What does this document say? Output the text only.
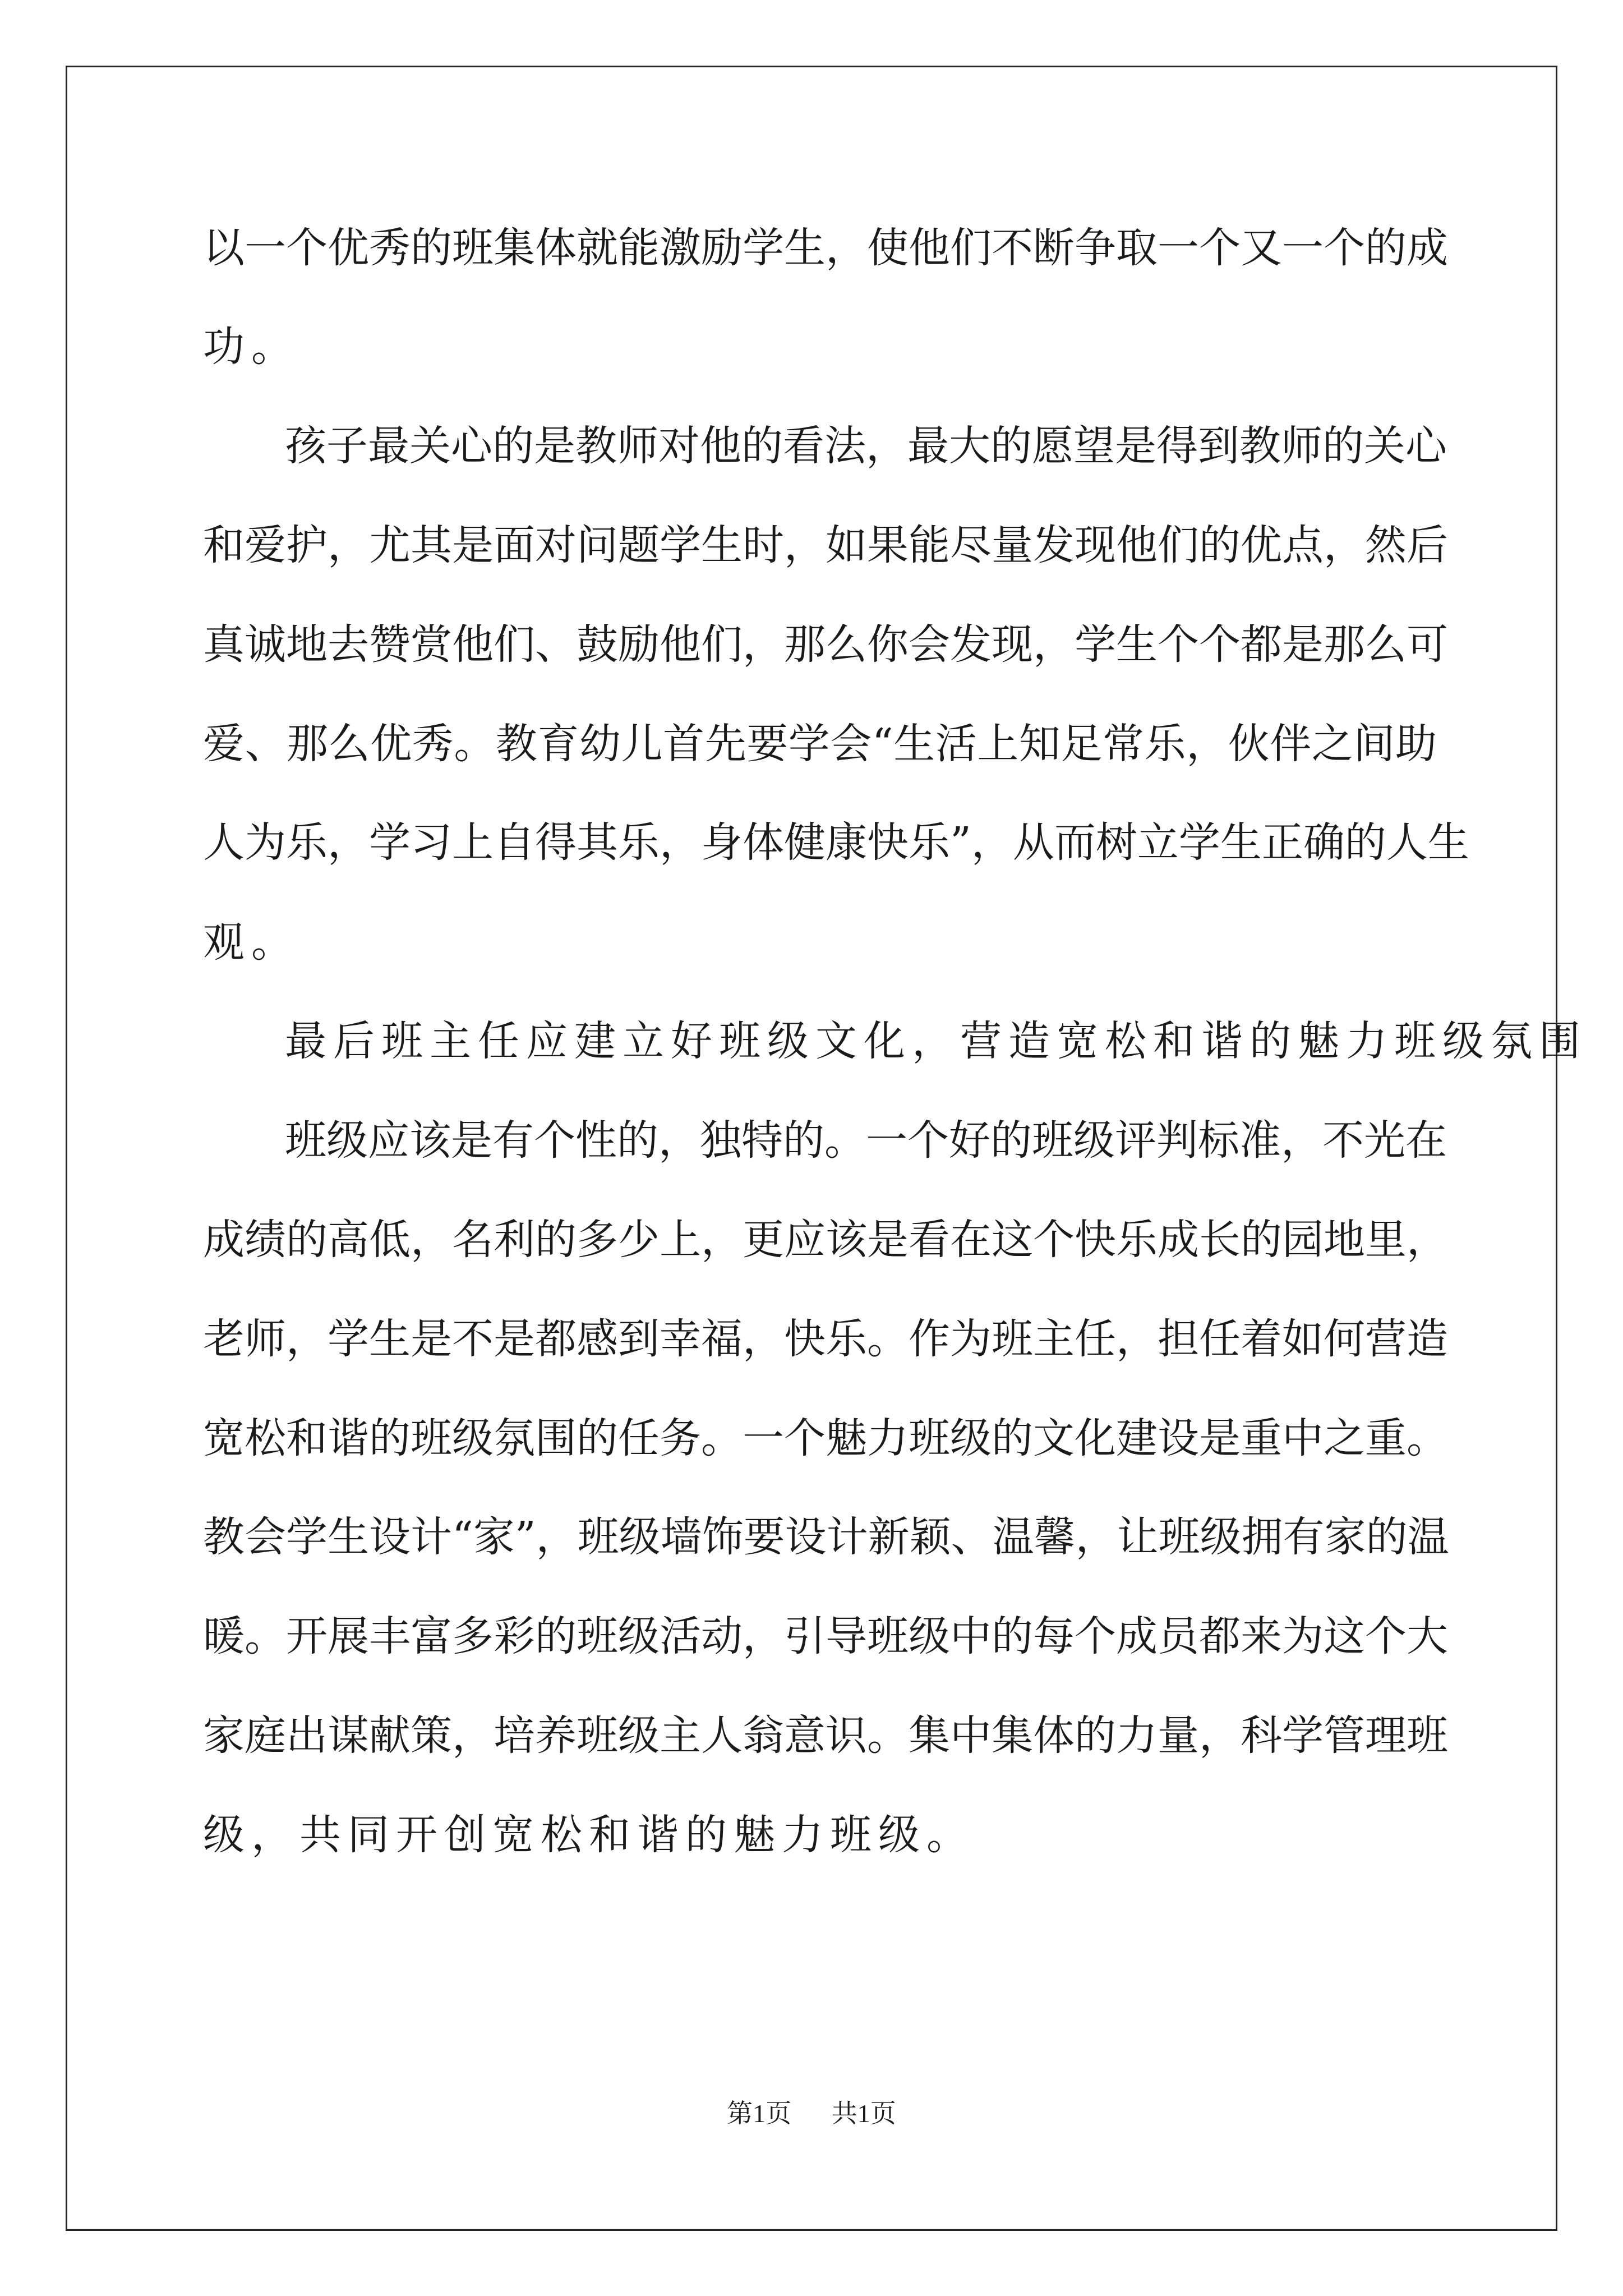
以一个优秀的班集体就能激励学生，使他们不断争取一个又一个的成
功。
孩子最关心的是教师对他的看法，最大的愿望是得到教师的关心
和爱护，尤其是面对问题学生时，如果能尽量发现他们的优点，然后
真诚地去赞赏他们、鼓励他们，那么你会发现，学生个个都是那么可
爱、那么优秀。教育幼儿首先要学会“生活上知足常乐，伙伴之间助
人为乐，学习上自得其乐，身体健康快乐”，从而树立学生正确的人生
观。
最后班主任应建立好班级文化，营造宽松和谐的魅力班级氛围
班级应该是有个性的，独特的。一个好的班级评判标准，不光在
成绩的高低，名利的多少上，更应该是看在这个快乐成长的园地里，
老师，学生是不是都感到幸福，快乐。作为班主任，担任着如何营造
宽松和谐的班级氛围的任务。一个魅力班级的文化建设是重中之重。
教会学生设计“家”，班级墙饰要设计新颖、温馨，让班级拥有家的温
暖。开展丰富多彩的班级活动，引导班级中的每个成员都来为这个大
家庭出谋献策，培养班级主人翁意识。集中集体的力量，科学管理班
级，共同开创宽松和谐的魅力班级。
第1页 共1页
